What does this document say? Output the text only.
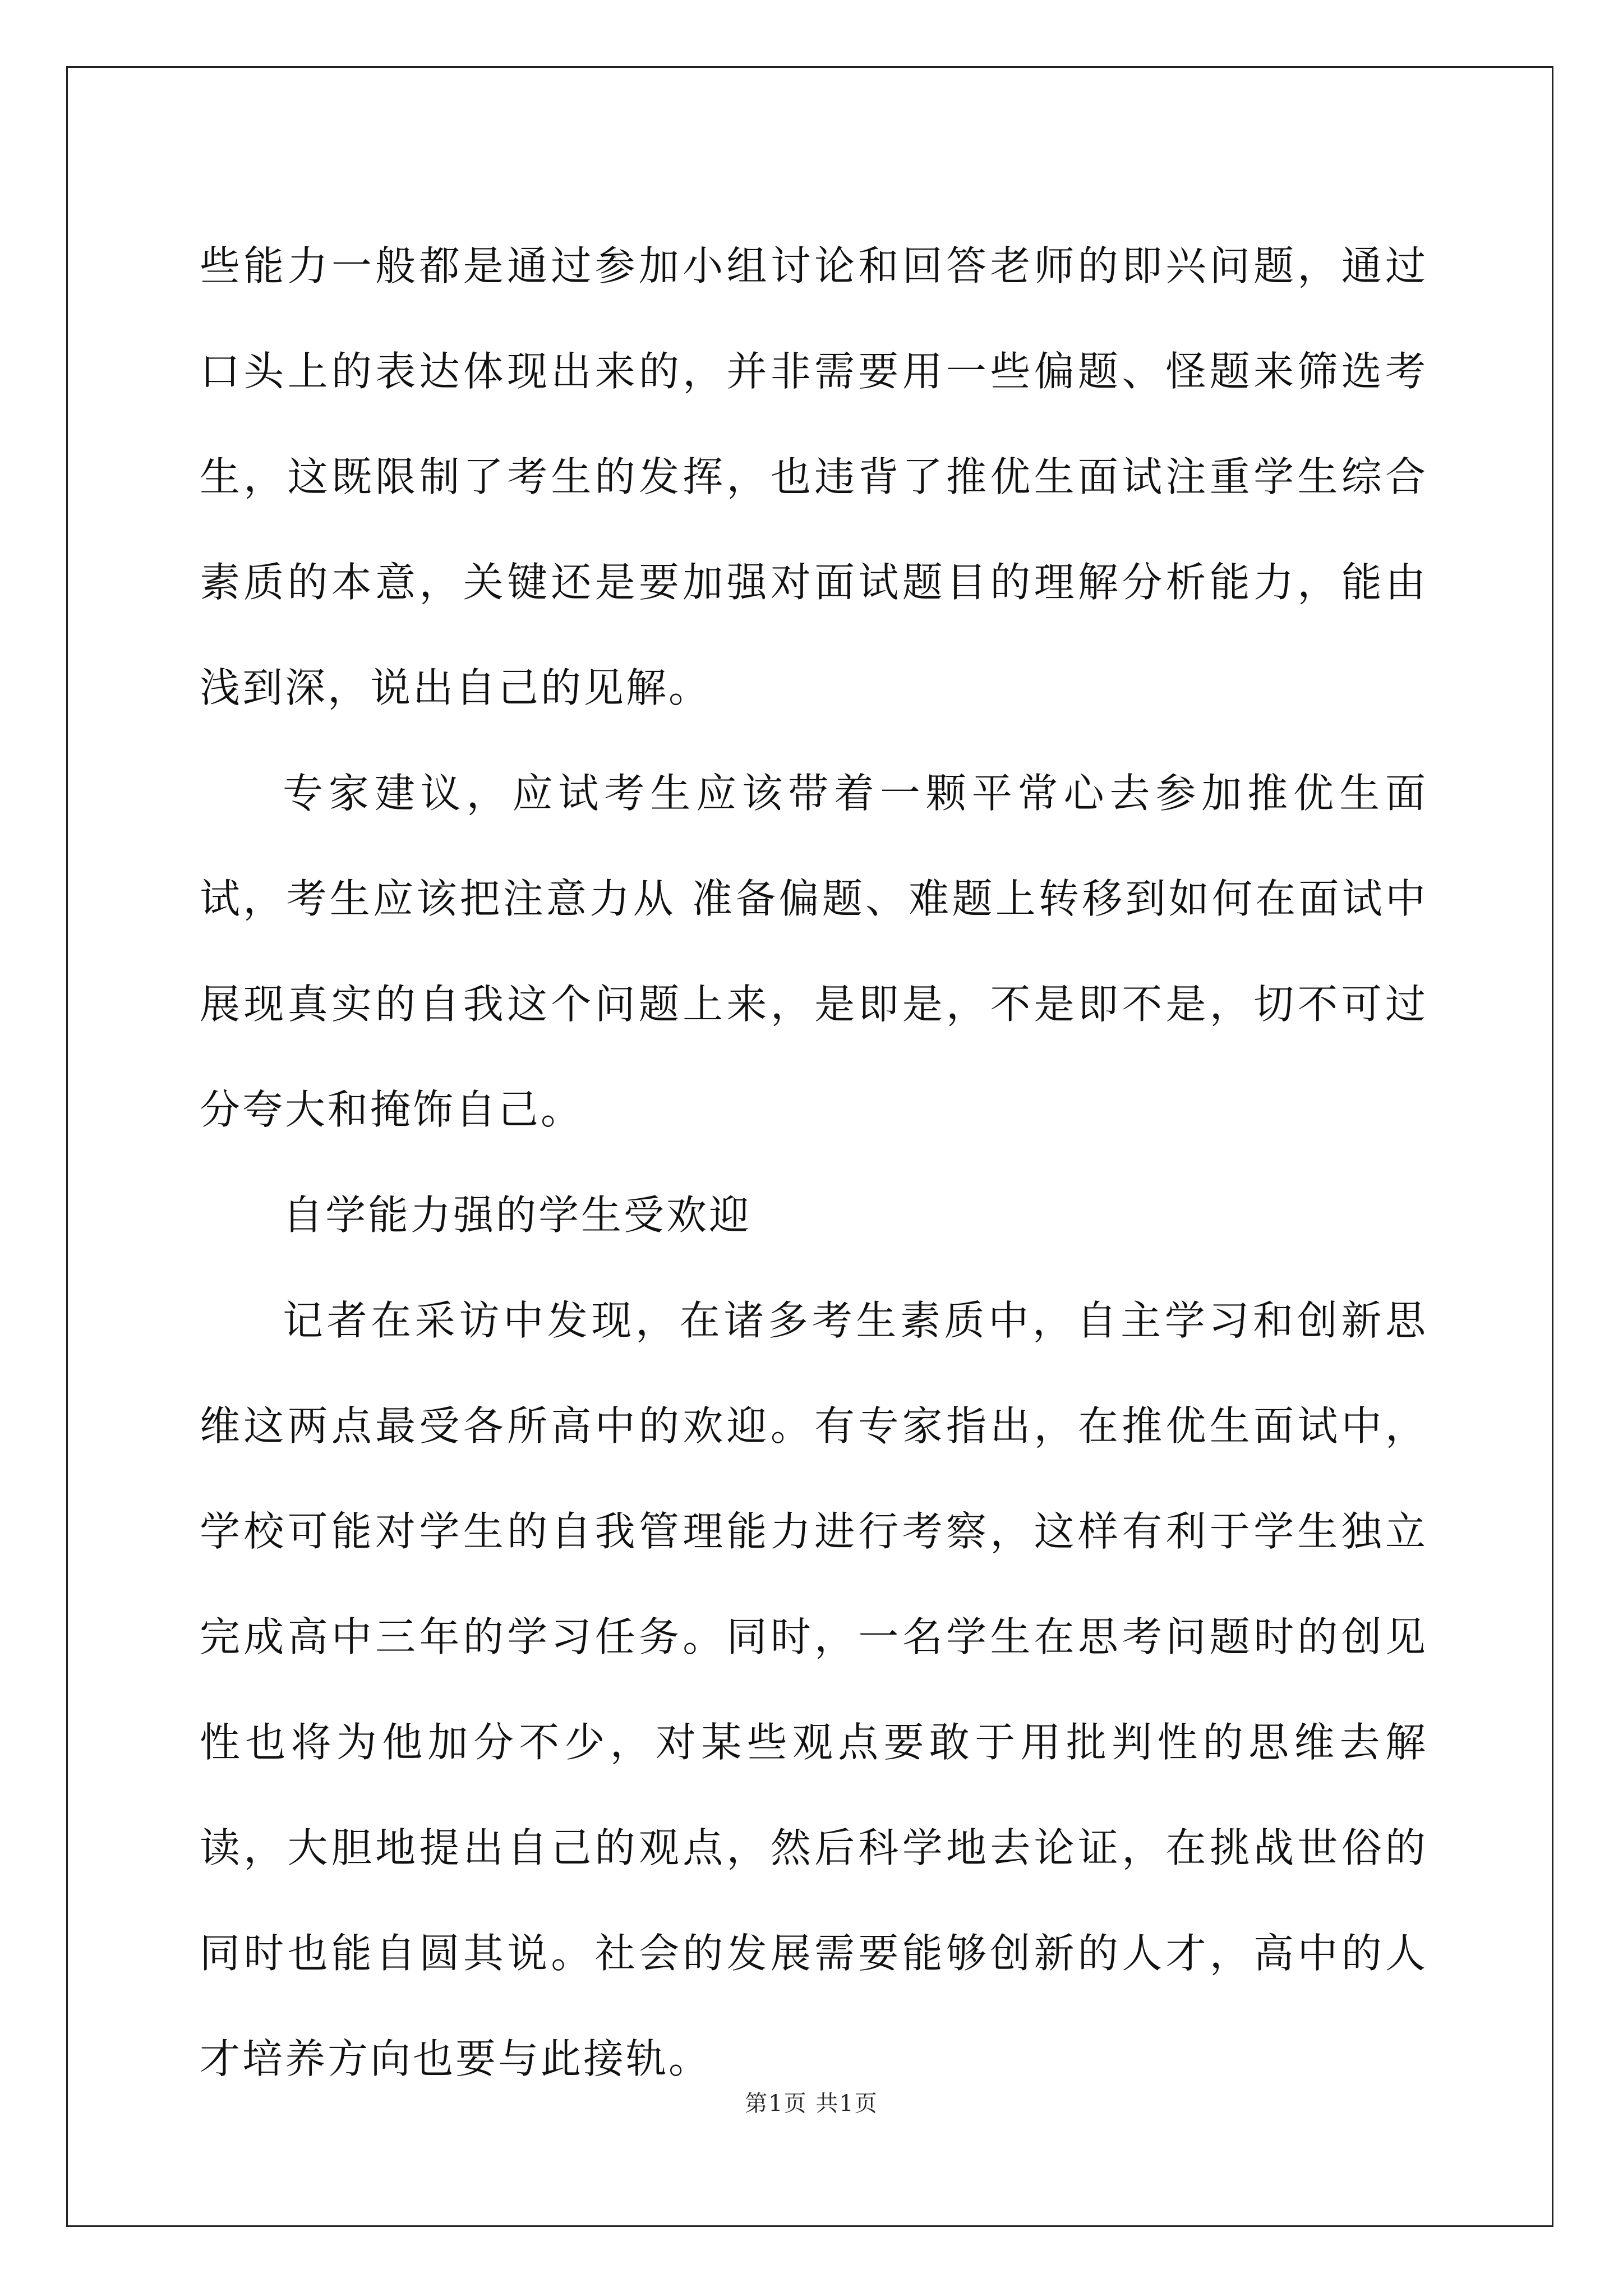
些能力一般都是通过参加小组讨论和回答老师的即兴问题，通过口头上的表达体现出来的，并非需要用一些偏题、怪题来筛选考生，这既限制了考生的发挥，也违背了推优生面试注重学生综合素质的本意，关键还是要加强对面试题目的理解分析能力，能由浅到深，说出自己的见解。

专家建议，应试考生应该带着一颗平常心去参加推优生面试，考生应该把注意力从 准备偏题、难题上转移到如何在面试中展现真实的自我这个问题上来，是即是，不是即不是，切不可过分夸大和掩饰自己。

自学能力强的学生受欢迎

记者在采访中发现，在诸多考生素质中，自主学习和创新思维这两点最受各所高中的欢迎。有专家指出，在推优生面试中，学校可能对学生的自我管理能力进行考察，这样有利于学生独立完成高中三年的学习任务。同时，一名学生在思考问题时的创见性也将为他加分不少，对某些观点要敢于用批判性的思维去解读，大胆地提出自己的观点，然后科学地去论证，在挑战世俗的同时也能自圆其说。社会的发展需要能够创新的人才，高中的人才培养方向也要与此接轨。

第1页 共1页
